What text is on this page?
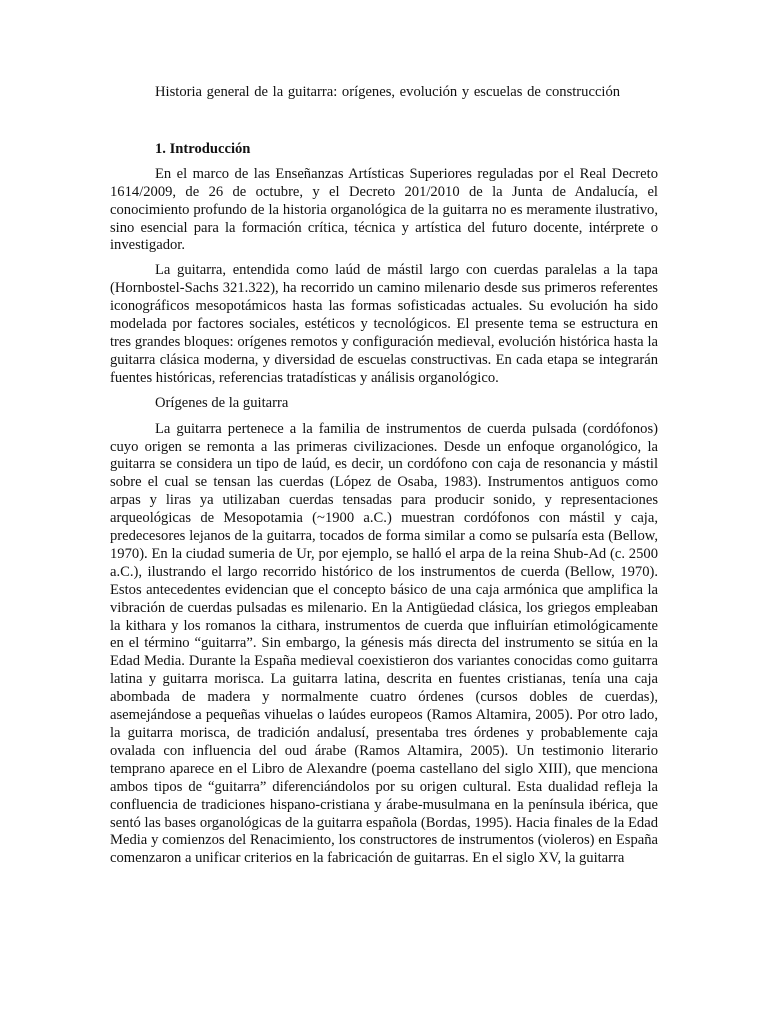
Historia general de la guitarra: orígenes, evolución y escuelas de construcción

1. Introducción

En el marco de las Enseñanzas Artísticas Superiores reguladas por el Real Decreto 1614/2009, de 26 de octubre, y el Decreto 201/2010 de la Junta de Andalucía, el conocimiento profundo de la historia organológica de la guitarra no es meramente ilustrativo, sino esencial para la formación crítica, técnica y artística del futuro docente, intérprete o investigador.

La guitarra, entendida como laúd de mástil largo con cuerdas paralelas a la tapa (Hornbostel-Sachs 321.322), ha recorrido un camino milenario desde sus primeros referentes iconográficos mesopotámicos hasta las formas sofisticadas actuales. Su evolución ha sido modelada por factores sociales, estéticos y tecnológicos. El presente tema se estructura en tres grandes bloques: orígenes remotos y configuración medieval, evolución histórica hasta la guitarra clásica moderna, y diversidad de escuelas constructivas. En cada etapa se integrarán fuentes históricas, referencias tratadísticas y análisis organológico.

Orígenes de la guitarra

La guitarra pertenece a la familia de instrumentos de cuerda pulsada (cordófonos) cuyo origen se remonta a las primeras civilizaciones. Desde un enfoque organológico, la guitarra se considera un tipo de laúd, es decir, un cordófono con caja de resonancia y mástil sobre el cual se tensan las cuerdas (López de Osaba, 1983). Instrumentos antiguos como arpas y liras ya utilizaban cuerdas tensadas para producir sonido, y representaciones arqueológicas de Mesopotamia (~1900 a.C.) muestran cordófonos con mástil y caja, predecesores lejanos de la guitarra, tocados de forma similar a como se pulsaría esta (Bellow, 1970). En la ciudad sumeria de Ur, por ejemplo, se halló el arpa de la reina Shub-Ad (c. 2500 a.C.), ilustrando el largo recorrido histórico de los instrumentos de cuerda (Bellow, 1970). Estos antecedentes evidencian que el concepto básico de una caja armónica que amplifica la vibración de cuerdas pulsadas es milenario. En la Antigüedad clásica, los griegos empleaban la kithara y los romanos la cithara, instrumentos de cuerda que influirían etimológicamente en el término “guitarra”. Sin embargo, la génesis más directa del instrumento se sitúa en la Edad Media. Durante la España medieval coexistieron dos variantes conocidas como guitarra latina y guitarra morisca. La guitarra latina, descrita en fuentes cristianas, tenía una caja abombada de madera y normalmente cuatro órdenes (cursos dobles de cuerdas), asemejándose a pequeñas vihuelas o laúdes europeos (Ramos Altamira, 2005). Por otro lado, la guitarra morisca, de tradición andalusí, presentaba tres órdenes y probablemente caja ovalada con influencia del oud árabe (Ramos Altamira, 2005). Un testimonio literario temprano aparece en el Libro de Alexandre (poema castellano del siglo XIII), que menciona ambos tipos de “guitarra” diferenciándolos por su origen cultural. Esta dualidad refleja la confluencia de tradiciones hispano-cristiana y árabe-musulmana en la península ibérica, que sentó las bases organológicas de la guitarra española (Bordas, 1995). Hacia finales de la Edad Media y comienzos del Renacimiento, los constructores de instrumentos (violeros) en España comenzaron a unificar criterios en la fabricación de guitarras. En el siglo XV, la guitarra
